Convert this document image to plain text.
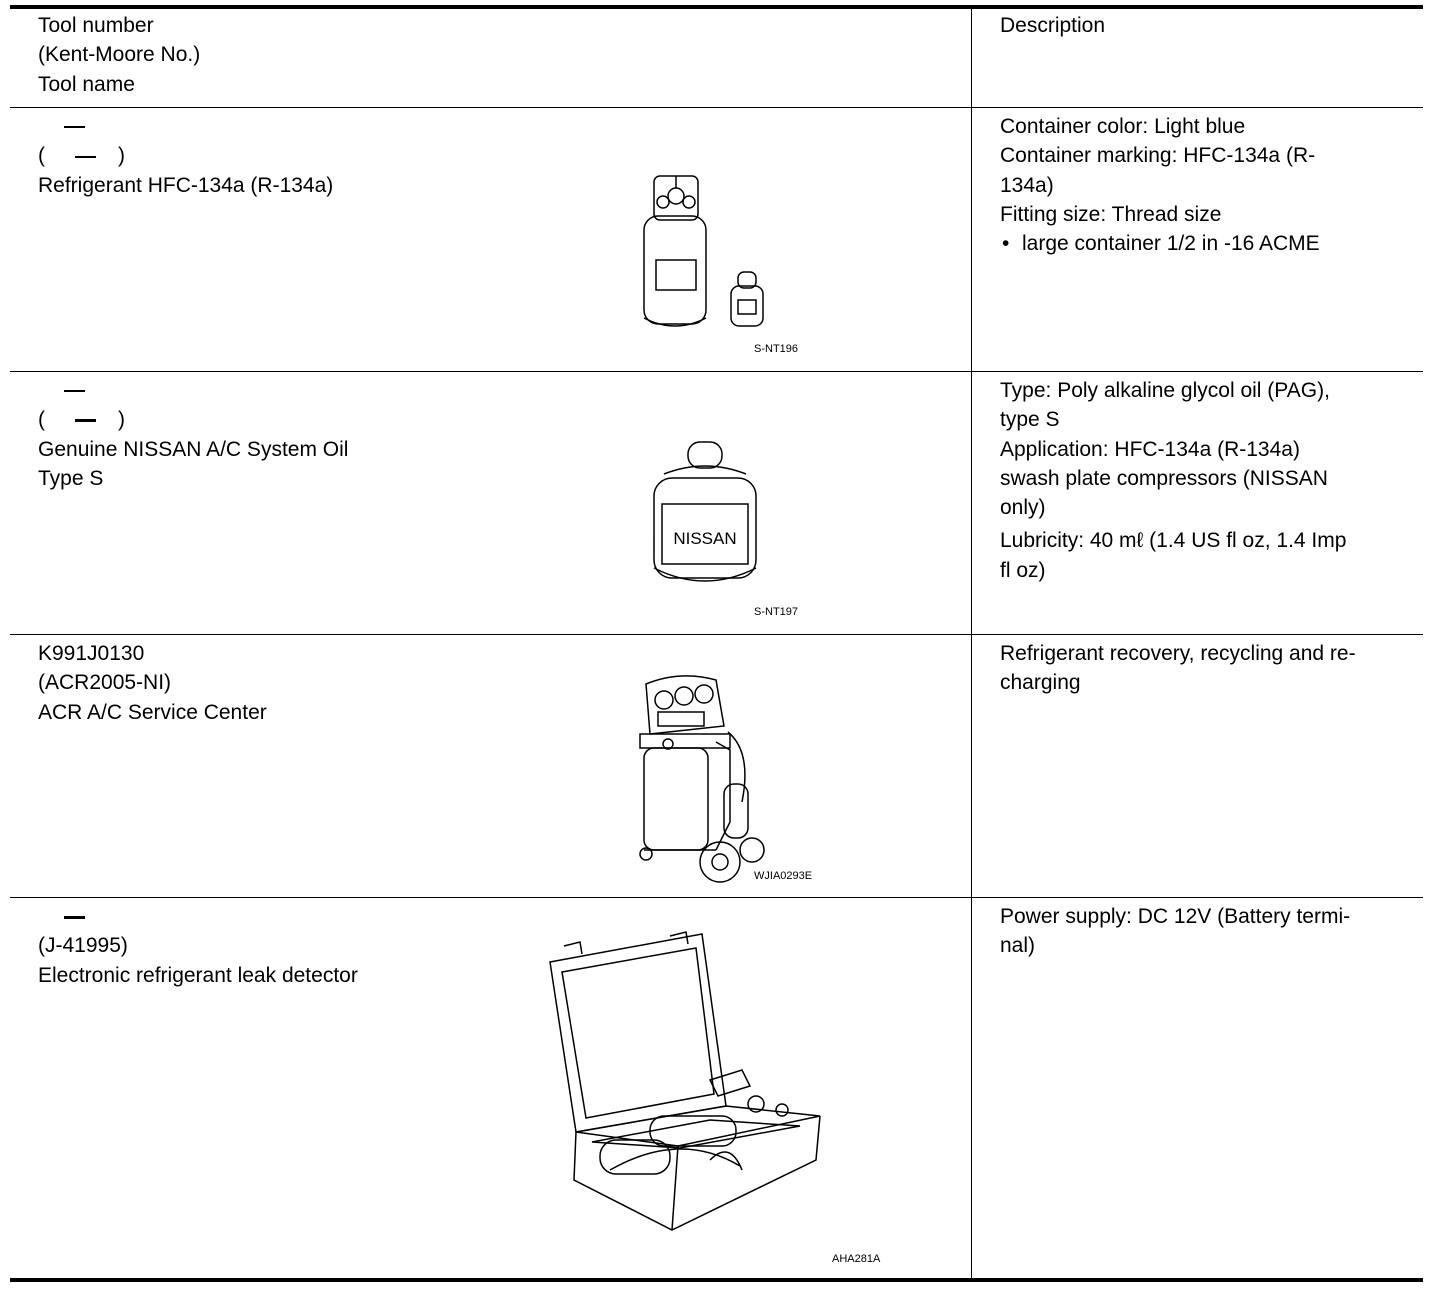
Tool number
(Kent-Moore No.)
Tool name
Description
(	)
Refrigerant HFC-134a (R-134a)
S-NT196
Container color: Light blue
Container marking: HFC-134a (R-
134a)
Fitting size: Thread size
• large container 1/2 in -16 ACME
(	)
Genuine NISSAN A/C System Oil
Type S
NISSAN
S-NT197
Type: Poly alkaline glycol oil (PAG),
type S
Application: HFC-134a (R-134a)
swash plate compressors (NISSAN
only)
Lubricity: 40 mℓ (1.4 US fl oz, 1.4 Imp
fl oz)
K991J0130
(ACR2005-NI)
ACR A/C Service Center
WJIA0293E
Refrigerant recovery, recycling and re-
charging
(J-41995)
Electronic refrigerant leak detector
AHA281A
Power supply: DC 12V (Battery termi-
nal)
